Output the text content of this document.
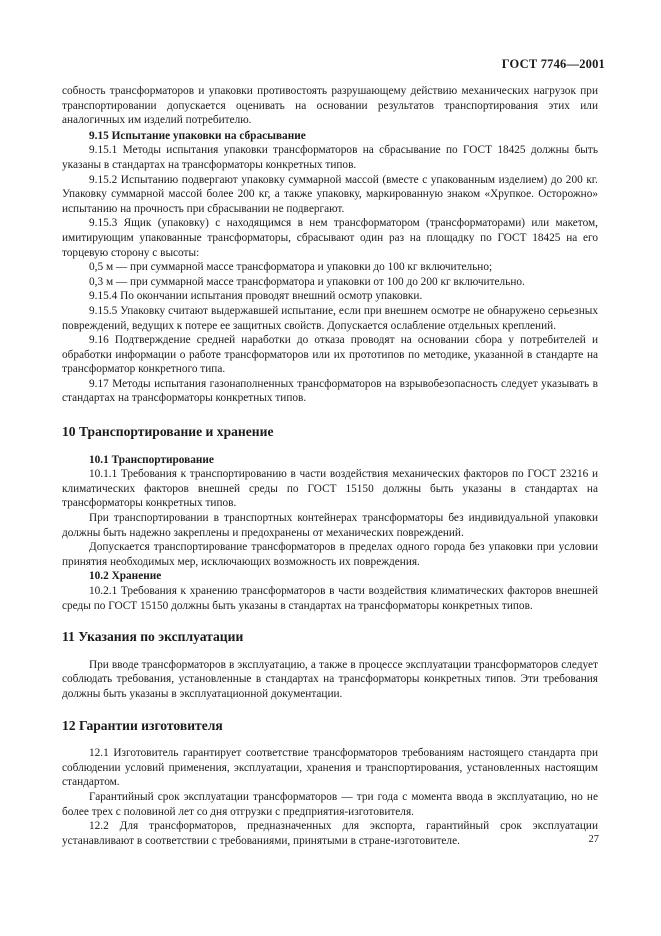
ГОСТ 7746—2001

собность трансформаторов и упаковки противостоять разрушающему действию механических нагрузок при транспортировании допускается оценивать на основании результатов транспортирования этих или аналогичных им изделий потребителю.

9.15 Испытание упаковки на сбрасывание

9.15.1 Методы испытания упаковки трансформаторов на сбрасывание по ГОСТ 18425 должны быть указаны в стандартах на трансформаторы конкретных типов.

9.15.2 Испытанию подвергают упаковку суммарной массой (вместе с упакованным изделием) до 200 кг. Упаковку суммарной массой более 200 кг, а также упаковку, маркированную знаком «Хрупкое. Осторожно» испытанию на прочность при сбрасывании не подвергают.

9.15.3 Ящик (упаковку) с находящимся в нем трансформатором (трансформаторами) или макетом, имитирующим упакованные трансформаторы, сбрасывают один раз на площадку по ГОСТ 18425 на его торцевую сторону с высоты:

0,5 м — при суммарной массе трансформатора и упаковки до 100 кг включительно;

0,3 м — при суммарной массе трансформатора и упаковки от 100 до 200 кг включительно.

9.15.4 По окончании испытания проводят внешний осмотр упаковки.

9.15.5 Упаковку считают выдержавшей испытание, если при внешнем осмотре не обнаружено серьезных повреждений, ведущих к потере ее защитных свойств. Допускается ослабление отдельных креплений.

9.16 Подтверждение средней наработки до отказа проводят на основании сбора у потребителей и обработки информации о работе трансформаторов или их прототипов по методике, указанной в стандарте на трансформатор конкретного типа.

9.17 Методы испытания газонаполненных трансформаторов на взрывобезопасность следует указывать в стандартах на трансформаторы конкретных типов.

10 Транспортирование и хранение

10.1 Транспортирование

10.1.1 Требования к транспортированию в части воздействия механических факторов по ГОСТ 23216 и климатических факторов внешней среды по ГОСТ 15150 должны быть указаны в стандартах на трансформаторы конкретных типов.

При транспортировании в транспортных контейнерах трансформаторы без индивидуальной упаковки должны быть надежно закреплены и предохранены от механических повреждений.

Допускается транспортирование трансформаторов в пределах одного города без упаковки при условии принятия необходимых мер, исключающих возможность их повреждения.

10.2 Хранение

10.2.1 Требования к хранению трансформаторов в части воздействия климатических факторов внешней среды по ГОСТ 15150 должны быть указаны в стандартах на трансформаторы конкретных типов.

11 Указания по эксплуатации

При вводе трансформаторов в эксплуатацию, а также в процессе эксплуатации трансформаторов следует соблюдать требования, установленные в стандартах на трансформаторы конкретных типов. Эти требования должны быть указаны в эксплуатационной документации.

12 Гарантии изготовителя

12.1 Изготовитель гарантирует соответствие трансформаторов требованиям настоящего стандарта при соблюдении условий применения, эксплуатации, хранения и транспортирования, установленных настоящим стандартом.

Гарантийный срок эксплуатации трансформаторов — три года с момента ввода в эксплуатацию, но не более трех с половиной лет со дня отгрузки с предприятия-изготовителя.

12.2 Для трансформаторов, предназначенных для экспорта, гарантийный срок эксплуатации устанавливают в соответствии с требованиями, принятыми в стране-изготовителе.	27
